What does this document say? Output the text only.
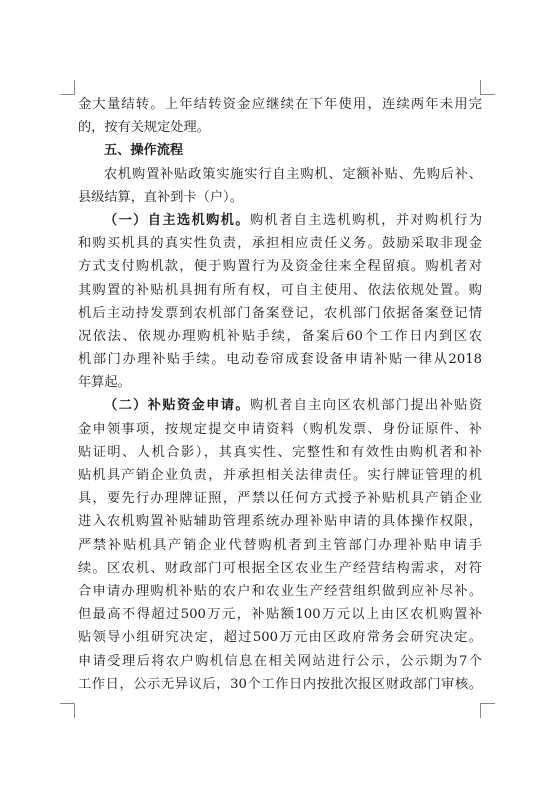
金大量结转。上年结转资金应继续在下年使用，连续两年未用完
的，按有关规定处理。
五、操作流程
农机购置补贴政策实施实行自主购机、定额补贴、先购后补、
县级结算，直补到卡（户）。
（一）自主选机购机。购机者自主选机购机，并对购机行为
和购买机具的真实性负责，承担相应责任义务。鼓励采取非现金
方式支付购机款，便于购置行为及资金往来全程留痕。购机者对
其购置的补贴机具拥有所有权，可自主使用、依法依规处置。购
机后主动持发票到农机部门备案登记，农机部门依据备案登记情
况依法、依规办理购机补贴手续，备案后60个工作日内到区农
机部门办理补贴手续。电动卷帘成套设备申请补贴一律从2018
年算起。
（二）补贴资金申请。购机者自主向区农机部门提出补贴资
金申领事项，按规定提交申请资料（购机发票、身份证原件、补
贴证明、人机合影），其真实性、完整性和有效性由购机者和补
贴机具产销企业负责，并承担相关法律责任。实行牌证管理的机
具，要先行办理牌证照，严禁以任何方式授予补贴机具产销企业
进入农机购置补贴辅助管理系统办理补贴申请的具体操作权限，
严禁补贴机具产销企业代替购机者到主管部门办理补贴申请手
续。区农机、财政部门可根据全区农业生产经营结构需求，对符
合申请办理购机补贴的农户和农业生产经营组织做到应补尽补。
但最高不得超过500万元，补贴额100万元以上由区农机购置补
贴领导小组研究决定，超过500万元由区政府常务会研究决定。
申请受理后将农户购机信息在相关网站进行公示，公示期为7个
工作日，公示无异议后，30个工作日内按批次报区财政部门审核。
